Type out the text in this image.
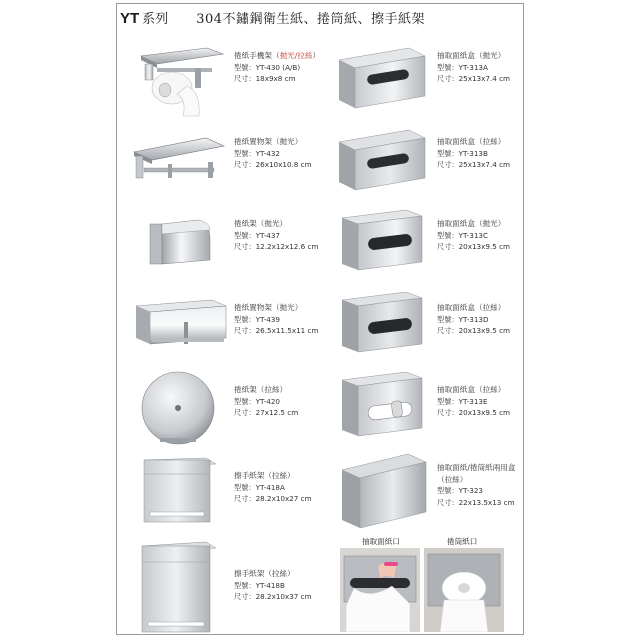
YT 系列 304不鏽鋼衛生紙、捲筒紙、擦手紙架
捲紙手機架（拋光/拉絲）
型號：YT-430 (A/B)
尺寸：18x9x8 cm
抽取面紙盒（拋光）
型號：YT-313A
尺寸：25x13x7.4 cm
捲紙置物架（拋光）
型號：YT-432
尺寸：26x10x10.8 cm
抽取面紙盒（拉絲）
型號：YT-313B
尺寸：25x13x7.4 cm
捲紙架（拋光）
型號：YT-437
尺寸：12.2x12x12.6 cm
抽取面紙盒（拋光）
型號：YT-313C
尺寸：20x13x9.5 cm
捲紙置物架（拋光）
型號：YT-439
尺寸：26.5x11.5x11 cm
抽取面紙盒（拉絲）
型號：YT-313D
尺寸：20x13x9.5 cm
捲紙架（拉絲）
型號：YT-420
尺寸：27x12.5 cm
抽取面紙盒（拉絲）
型號：YT-313E
尺寸：20x13x9.5 cm
擦手紙架（拉絲）
型號：YT-418A
尺寸：28.2x10x27 cm
抽取面紙/捲筒紙兩用盒
（拉絲）
型號：YT-323
尺寸：22x13.5x13 cm
擦手紙架（拉絲）
型號：YT-418B
尺寸：28.2x10x37 cm
抽取面紙口	捲筒紙口
